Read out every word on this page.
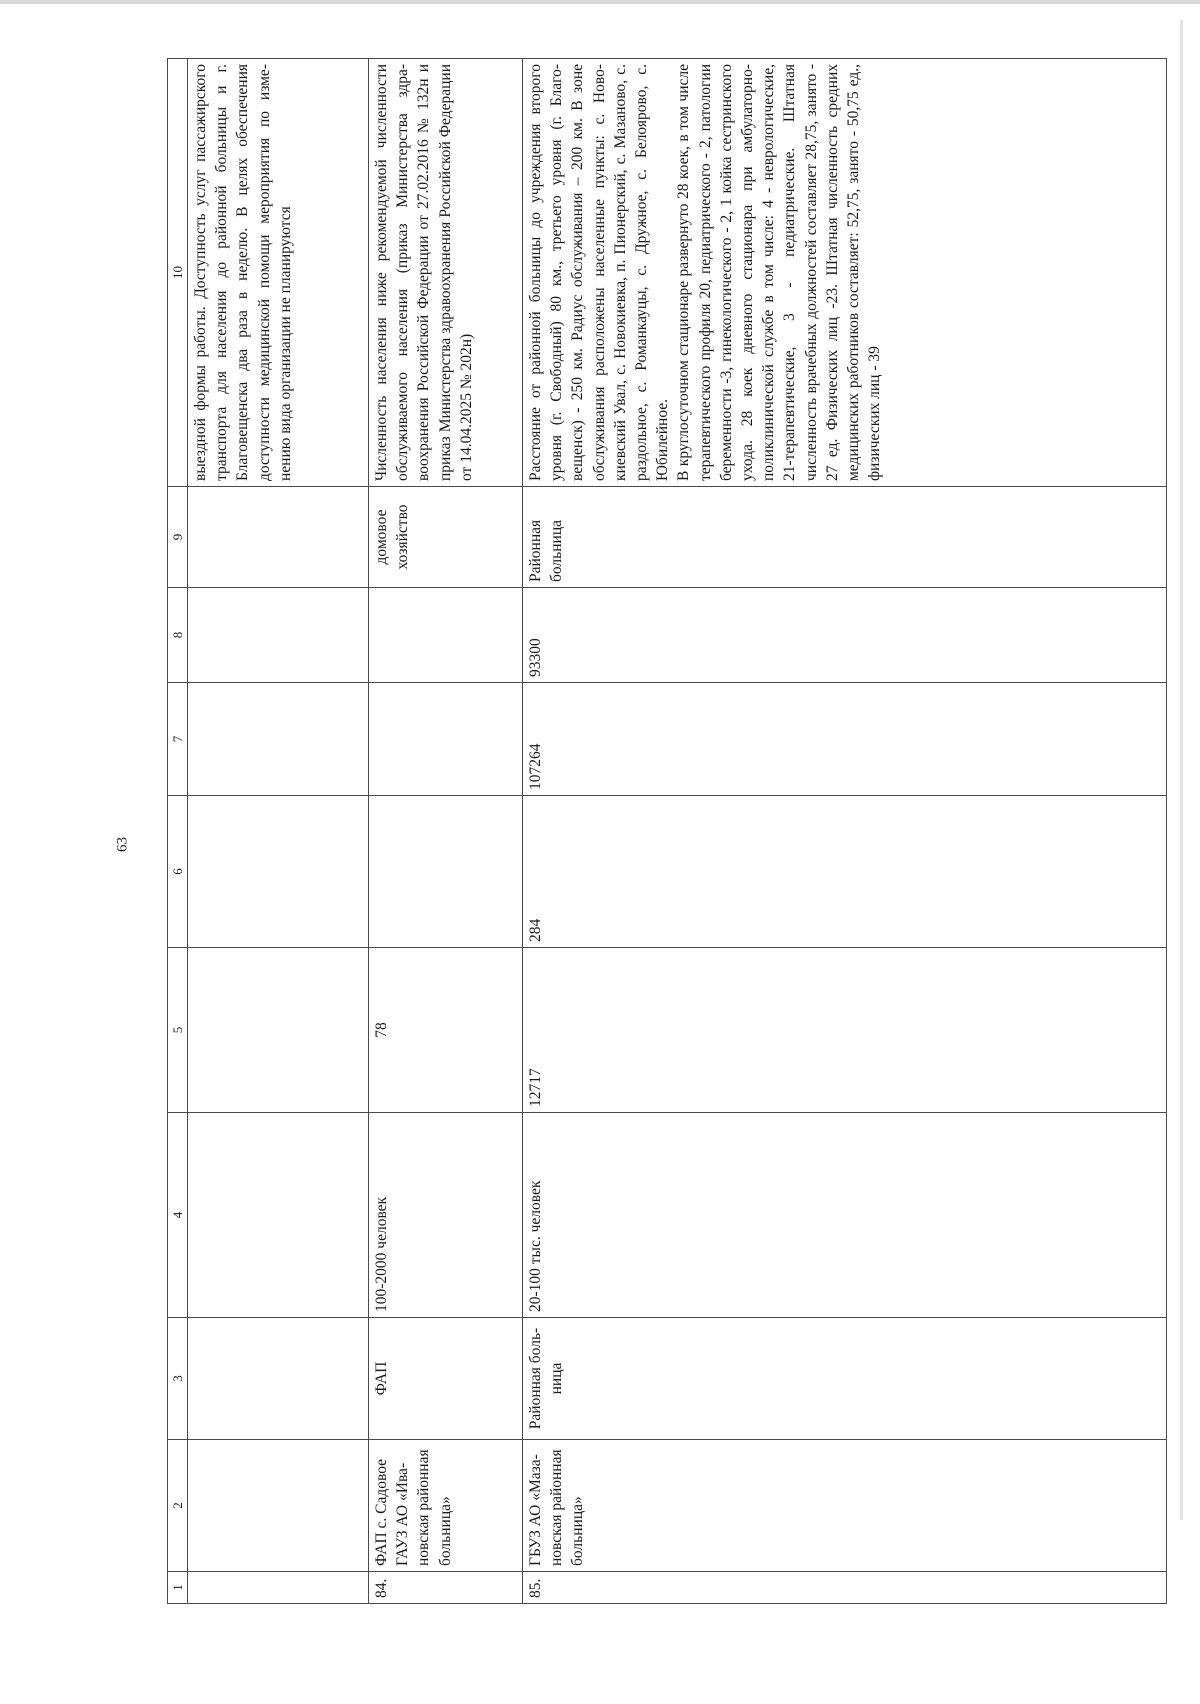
63
1	2	3	4	5	6	7	8	9	10
									выездной формы работы. Доступность услуг пассажирского транспорта для населения до районной больницы и г. Благовещенска два раза в неделю. В целях обеспечения доступности медицинской помощи мероприятия по изменению вида организации не планируются
84.	ФАП с. Садовое ГАУЗ АО «Ивановская районная больница»	ФАП	100-2000 человек	78				домовое хозяйство	Численность населения ниже рекомендуемой численности обслуживаемого населения (приказ Министерства здравоохранения Российской Федерации от 27.02.2016 № 132н и приказ Министерства здравоохранения Российской Федерации от 14.04.2025 № 202н)
85.	ГБУЗ АО «Мазановская районная больница»	Районная больница	20-100 тыс. человек	12717	284	107264	93300	Районная больница	Расстояние от районной больницы до учреждения второго уровня (г. Свободный) 80 км., третьего уровня (г. Благовещенск) - 250 км. Радиус обслуживания – 200 км. В зоне обслуживания расположены населенные пункты: с. Новокиевский Увал, с. Новокиевка, п. Пионерский, с. Мазаново, с. раздольное, с. Романкауцы, с. Дружное, с. Белоярово, с. Юбилейное. В круглосуточном стационаре развернуто 28 коек, в том числе терапевтического профиля 20, педиатрического - 2, патологии беременности -3, гинекологического - 2, 1 койка сестринского ухода. 28 коек дневного стационара при амбулаторно-поликлинической службе в том числе: 4 - неврологические, 21-терапевтические, 3 - педиатрические. Штатная численность врачебных должностей составляет 28,75, занято - 27 ед. Физических лиц -23. Штатная численность средних медицинских работников составляет: 52,75, занято - 50,75 ед., физических лиц - 39
